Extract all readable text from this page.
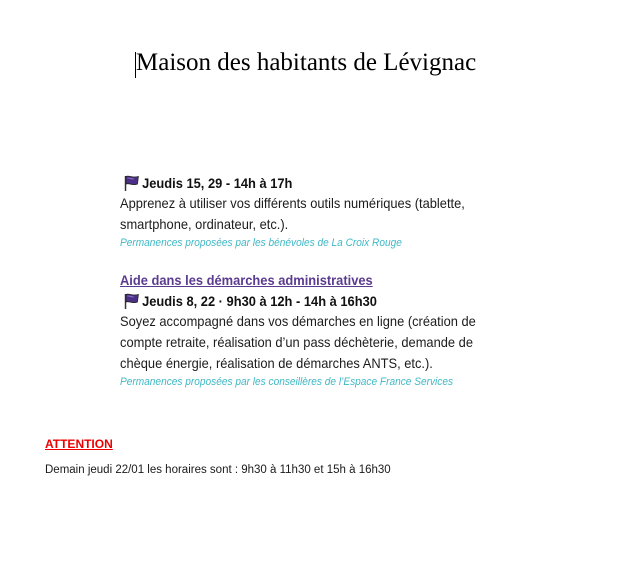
Maison des habitants de Lévignac
Jeudis 15, 29 - 14h à 17h
Apprenez à utiliser vos différents outils numériques (tablette,
smartphone, ordinateur, etc.).
Permanences proposées par les bénévoles de La Croix Rouge
Aide dans les démarches administratives
Jeudis 8, 22 · 9h30 à 12h - 14h à 16h30
Soyez accompagné dans vos démarches en ligne (création de
compte retraite, réalisation d’un pass déchèterie, demande de
chèque énergie, réalisation de démarches ANTS, etc.).
Permanences proposées par les conseillères de l’Espace France Services
ATTENTION
Demain jeudi 22/01 les horaires sont : 9h30 à 11h30 et 15h à 16h30
